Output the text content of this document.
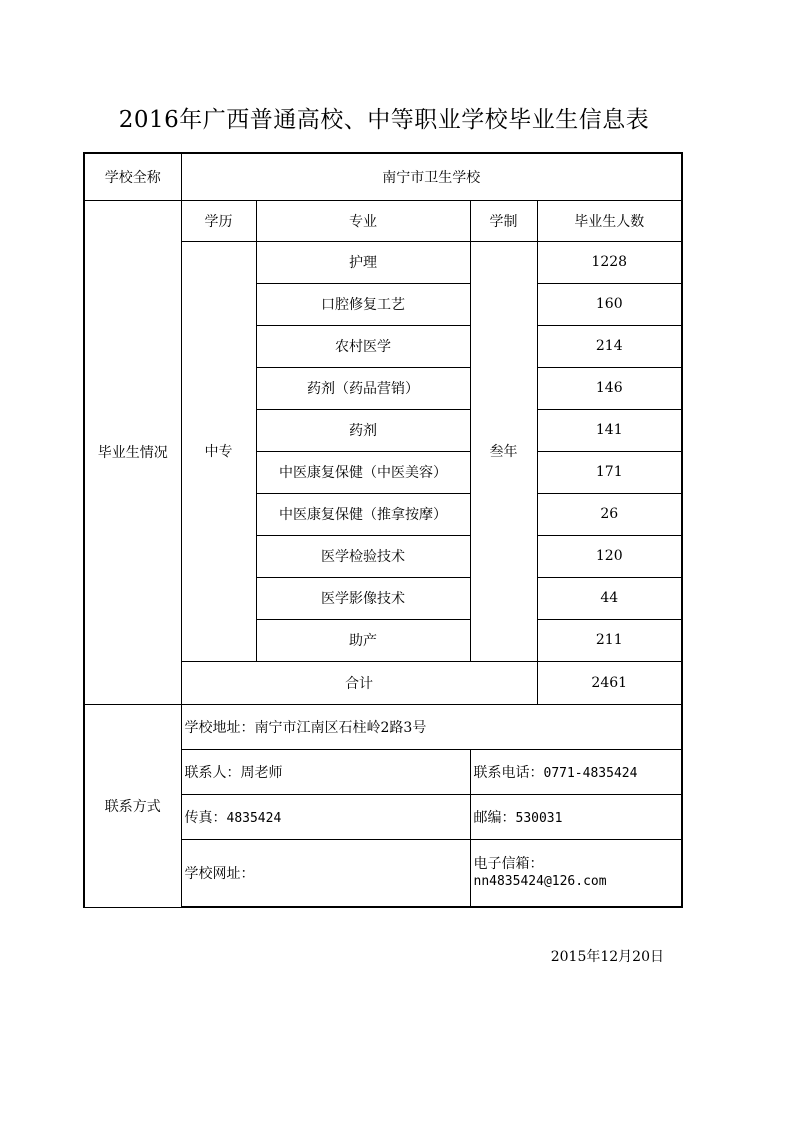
2016年广西普通高校、中等职业学校毕业生信息表
学校全称	南宁市卫生学校			
毕业生情况	学历	专业	学制	毕业生人数
	中专	护理	叁年	1228
		口腔修复工艺		160
		农村医学		214
		药剂（药品营销）		146
		药剂		141
		中医康复保健（中医美容）		171
		中医康复保健（推拿按摩）		26
		医学检验技术		120
		医学影像技术		44
		助产		211
	合计			2461
联系方式	学校地址：南宁市江南区石柱岭2路3号			
	联系人：周老师		联系电话：0771-4835424	
	传真：4835424		邮编：530031	
	学校网址：		电子信箱：
nn4835424@126.com	
2015年12月20日
